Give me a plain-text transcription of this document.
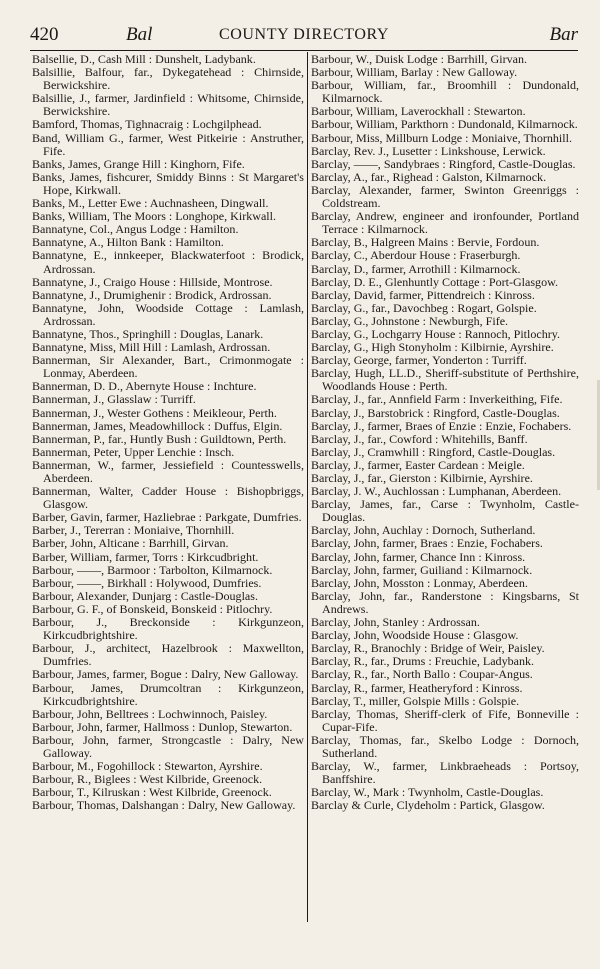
420	Bal	COUNTY DIRECTORY	Bar

Balsellie, D., Cash Mill : Dunshelt, Ladybank.

Balsillie, Balfour, far., Dykegatehead : Chirnside, Berwickshire.

Balsillie, J., farmer, Jardinfield : Whitsome, Chirnside, Berwickshire.

Bamford, Thomas, Tighnacraig : Lochgilphead.

Band, William G., farmer, West Pitkeirie : Anstruther, Fife.

Banks, James, Grange Hill : Kinghorn, Fife.

Banks, James, fishcurer, Smiddy Binns : St Margaret's Hope, Kirkwall.

Banks, M., Letter Ewe : Auchnasheen, Dingwall.

Banks, William, The Moors : Longhope, Kirkwall.

Bannatyne, Col., Angus Lodge : Hamilton.

Bannatyne, A., Hilton Bank : Hamilton.

Bannatyne, E., innkeeper, Blackwaterfoot : Brodick, Ardrossan.

Bannatyne, J., Craigo House : Hillside, Montrose.

Bannatyne, J., Drumighenir : Brodick, Ardrossan.

Bannatyne, John, Woodside Cottage : Lamlash, Ardrossan.

Bannatyne, Thos., Springhill : Douglas, Lanark.

Bannatyne, Miss, Mill Hill : Lamlash, Ardrossan.

Bannerman, Sir Alexander, Bart., Crimonmogate : Lonmay, Aberdeen.

Bannerman, D. D., Abernyte House : Inchture.

Bannerman, J., Glasslaw : Turriff.

Bannerman, J., Wester Gothens : Meikleour, Perth.

Bannerman, James, Meadowhillock : Duffus, Elgin.

Bannerman, P., far., Huntly Bush : Guildtown, Perth.

Bannerman, Peter, Upper Lenchie : Insch.

Bannerman, W., farmer, Jessiefield : Countesswells, Aberdeen.

Bannerman, Walter, Cadder House : Bishopbriggs, Glasgow.

Barber, Gavin, farmer, Hazliebrae : Parkgate, Dumfries.

Barber, J., Tererran : Moniaive, Thornhill.

Barber, John, Alticane : Barrhill, Girvan.

Barber, William, farmer, Torrs : Kirkcudbright.

Barbour, ——, Barmoor : Tarbolton, Kilmarnock.

Barbour, ——, Birkhall : Holywood, Dumfries.

Barbour, Alexander, Dunjarg : Castle-Douglas.

Barbour, G. F., of Bonskeid, Bonskeid : Pitlochry.

Barbour, J., Breckonside : Kirkgunzeon, Kirkcudbrightshire.

Barbour, J., architect, Hazelbrook : Maxwellton, Dumfries.

Barbour, James, farmer, Bogue : Dalry, New Galloway.

Barbour, James, Drumcoltran : Kirkgunzeon, Kirkcudbrightshire.

Barbour, John, Belltrees : Lochwinnoch, Paisley.

Barbour, John, farmer, Hallmoss : Dunlop, Stewarton.

Barbour, John, farmer, Strongcastle : Dalry, New Galloway.

Barbour, M., Fogohillock : Stewarton, Ayrshire.

Barbour, R., Biglees : West Kilbride, Greenock.

Barbour, T., Kilruskan : West Kilbride, Greenock.

Barbour, Thomas, Dalshangan : Dalry, New Galloway.

Barbour, W., Duisk Lodge : Barrhill, Girvan.

Barbour, William, Barlay : New Galloway.

Barbour, William, far., Broomhill : Dundonald, Kilmarnock.

Barbour, William, Laverockhall : Stewarton.

Barbour, William, Parkthorn : Dundonald, Kilmarnock.

Barbour, Miss, Millburn Lodge : Moniaive, Thornhill.

Barclay, Rev. J., Lusetter : Linkshouse, Lerwick.

Barclay, ——, Sandybraes : Ringford, Castle-Douglas.

Barclay, A., far., Righead : Galston, Kilmarnock.

Barclay, Alexander, farmer, Swinton Greenriggs : Coldstream.

Barclay, Andrew, engineer and ironfounder, Portland Terrace : Kilmarnock.

Barclay, B., Halgreen Mains : Bervie, Fordoun.

Barclay, C., Aberdour House : Fraserburgh.

Barclay, D., farmer, Arrothill : Kilmarnock.

Barclay, D. E., Glenhuntly Cottage : Port-Glasgow.

Barclay, David, farmer, Pittendreich : Kinross.

Barclay, G., far., Davochbeg : Rogart, Golspie.

Barclay, G., Johnstone : Newburgh, Fife.

Barclay, G., Lochgarry House : Rannoch, Pitlochry.

Barclay, G., High Stonyholm : Kilbirnie, Ayrshire.

Barclay, George, farmer, Yonderton : Turriff.

Barclay, Hugh, LL.D., Sheriff-substitute of Perthshire, Woodlands House : Perth.

Barclay, J., far., Annfield Farm : Inverkeithing, Fife.

Barclay, J., Barstobrick : Ringford, Castle-Douglas.

Barclay, J., farmer, Braes of Enzie : Enzie, Fochabers.

Barclay, J., far., Cowford : Whitehills, Banff.

Barclay, J., Cramwhill : Ringford, Castle-Douglas.

Barclay, J., farmer, Easter Cardean : Meigle.

Barclay, J., far., Gierston : Kilbirnie, Ayrshire.

Barclay, J. W., Auchlossan : Lumphanan, Aberdeen.

Barclay, James, far., Carse : Twynholm, Castle-Douglas.

Barclay, John, Auchlay : Dornoch, Sutherland.

Barclay, John, farmer, Braes : Enzie, Fochabers.

Barclay, John, farmer, Chance Inn : Kinross.

Barclay, John, farmer, Guiliand : Kilmarnock.

Barclay, John, Mosston : Lonmay, Aberdeen.

Barclay, John, far., Randerstone : Kingsbarns, St Andrews.

Barclay, John, Stanley : Ardrossan.

Barclay, John, Woodside House : Glasgow.

Barclay, R., Branochly : Bridge of Weir, Paisley.

Barclay, R., far., Drums : Freuchie, Ladybank.

Barclay, R., far., North Ballo : Coupar-Angus.

Barclay, R., farmer, Heatheryford : Kinross.

Barclay, T., miller, Golspie Mills : Golspie.

Barclay, Thomas, Sheriff-clerk of Fife, Bonneville : Cupar-Fife.

Barclay, Thomas, far., Skelbo Lodge : Dornoch, Sutherland.

Barclay, W., farmer, Linkbraeheads : Portsoy, Banffshire.

Barclay, W., Mark : Twynholm, Castle-Douglas.

Barclay & Curle, Clydeholm : Partick, Glasgow.
